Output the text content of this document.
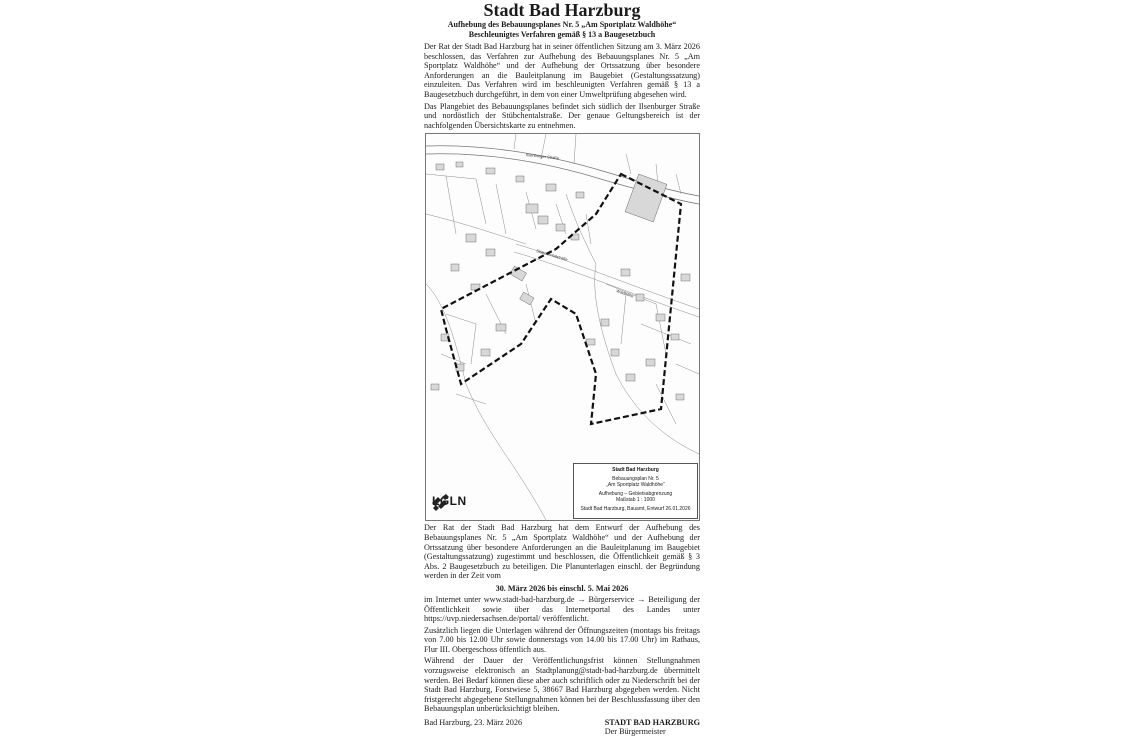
Stadt Bad Harzburg
Aufhebung des Bebauungsplanes Nr. 5 „Am Sportplatz Waldhöhe“
Beschleunigtes Verfahren gemäß § 13 a Baugesetzbuch

Der Rat der Stadt Bad Harzburg hat in seiner öffentlichen Sitzung am 3. März 2026 beschlossen, das Verfahren zur Aufhebung des Bebauungsplanes Nr. 5 „Am Sportplatz Waldhöhe“ und der Aufhebung der Ortssatzung über besondere Anforderungen an die Bauleitplanung im Baugebiet (Gestaltungssatzung) einzuleiten. Das Verfahren wird im beschleunigten Verfahren gemäß § 13 a Baugesetzbuch durchgeführt, in dem von einer Umweltprüfung abgesehen wird.

Das Plangebiet des Bebauungsplanes befindet sich südlich der Ilsenburger Straße und nordöstlich der Stübchentalstraße. Der genaue Geltungsbereich ist der nachfolgenden Übersichtskarte zu entnehmen.

Ilsenburger Straße
Stübchentalstraße
Waldhöhe
LGLN
Stadt Bad Harzburg
Bebauungsplan Nr. 5
„Am Sportplatz Waldhöhe“
Aufhebung – Gebietsabgrenzung
Maßstab 1 : 1000
Stadt Bad Harzburg, Bauamt, Entwurf 26.01.2026

Der Rat der Stadt Bad Harzburg hat dem Entwurf der Aufhebung des Bebauungsplanes Nr. 5 „Am Sportplatz Waldhöhe“ und der Aufhebung der Ortssatzung über besondere Anforderungen an die Bauleitplanung im Baugebiet (Gestaltungssatzung) zugestimmt und beschlossen, die Öffentlichkeit gemäß § 3 Abs. 2 Baugesetzbuch zu beteiligen. Die Planunterlagen einschl. der Begründung werden in der Zeit vom

30. März 2026 bis einschl. 5. Mai 2026

im Internet unter www.stadt-bad-harzburg.de → Bürgerservice → Beteiligung der Öffentlichkeit sowie über das Internetportal des Landes unter https://uvp.niedersachsen.de/portal/ veröffentlicht.

Zusätzlich liegen die Unterlagen während der Öffnungszeiten (montags bis freitags von 7.00 bis 12.00 Uhr sowie donnerstags von 14.00 bis 17.00 Uhr) im Rathaus, Flur III. Obergeschoss öffentlich aus.

Während der Dauer der Veröffentlichungsfrist können Stellungnahmen vorzugsweise elektronisch an Stadtplanung@stadt-bad-harzburg.de übermittelt werden. Bei Bedarf können diese aber auch schriftlich oder zu Niederschrift bei der Stadt Bad Harzburg, Forstwiese 5, 38667 Bad Harzburg abgegeben werden. Nicht fristgerecht abgegebene Stellungnahmen können bei der Beschlussfassung über den Bebauungsplan unberücksichtigt bleiben.

Bad Harzburg, 23. März 2026	STADT BAD HARZBURG
Der Bürgermeister
